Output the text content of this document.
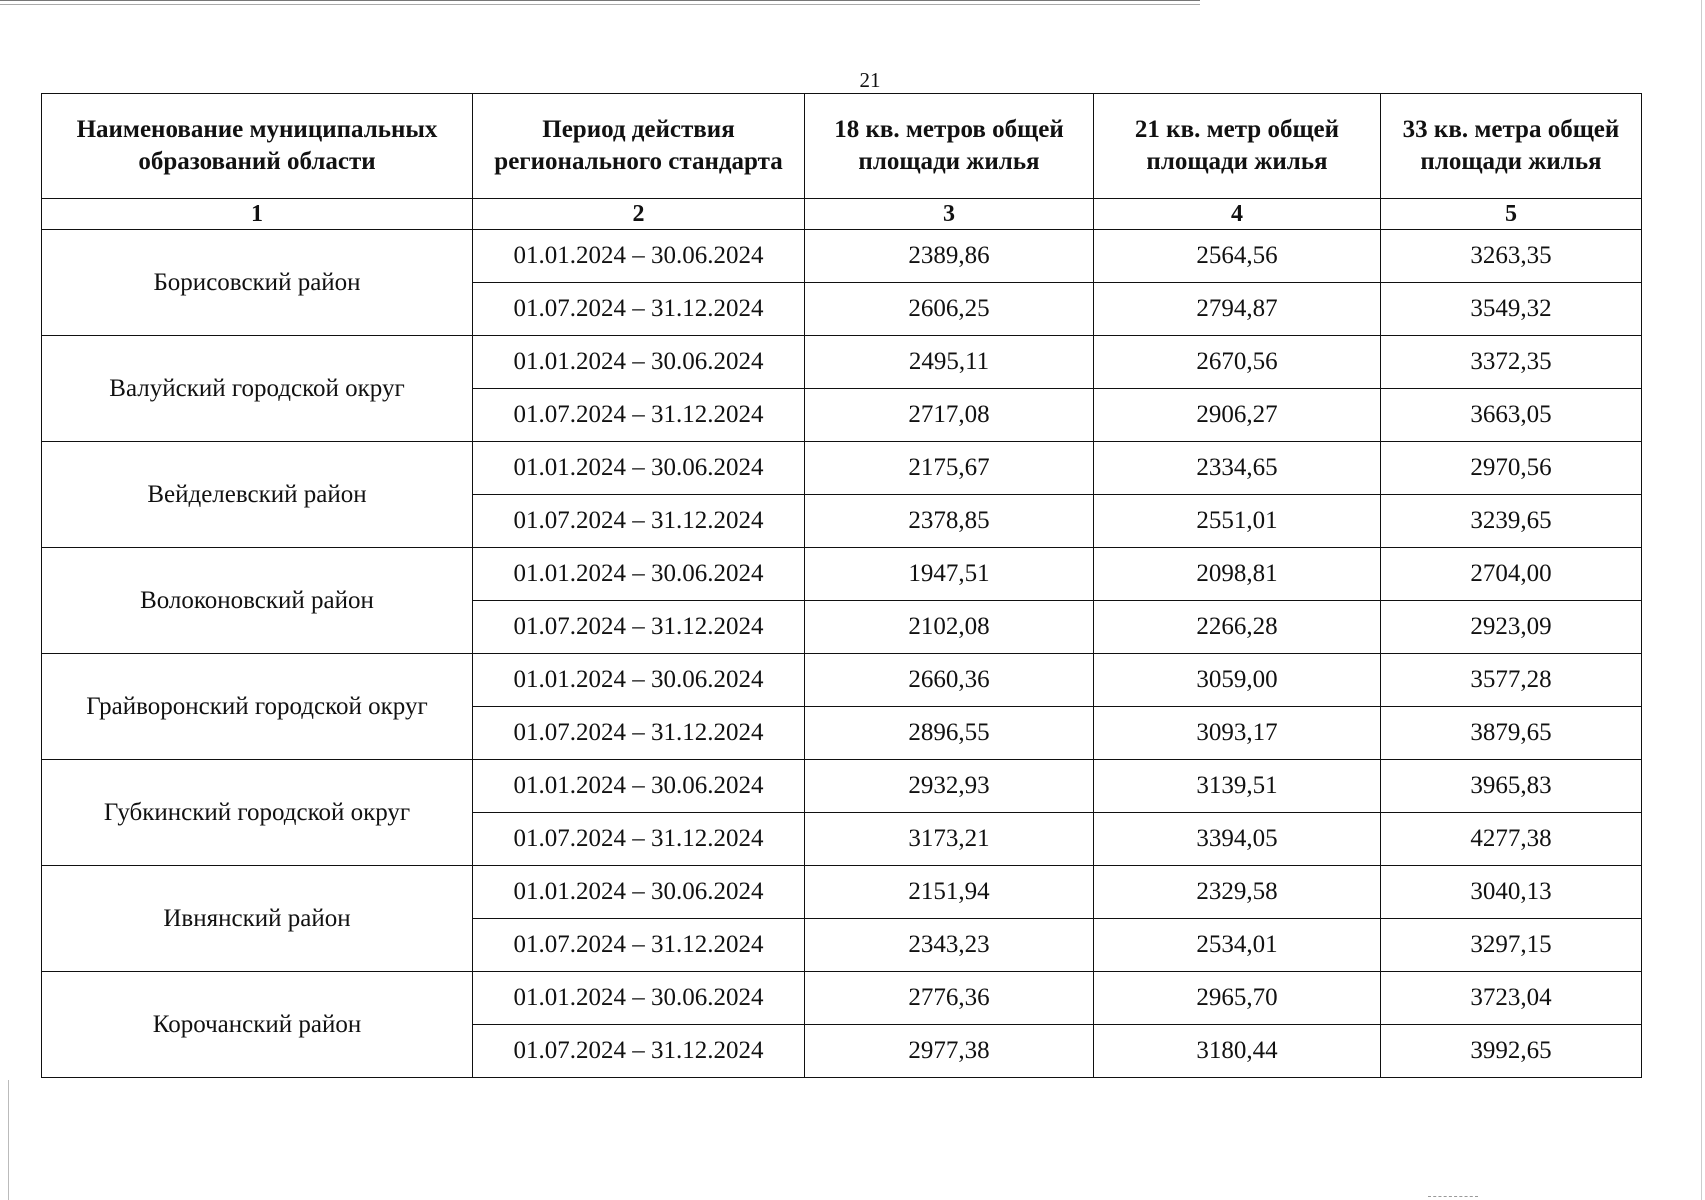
21
Наименование муниципальных образований области	Период действия регионального стандарта	18 кв. метров общей площади жилья	21 кв. метр общей площади жилья	33 кв. метра общей площади жилья
1	2	3	4	5
Борисовский район	01.01.2024 – 30.06.2024	2389,86	2564,56	3263,35
	01.07.2024 – 31.12.2024	2606,25	2794,87	3549,32
Валуйский городской округ	01.01.2024 – 30.06.2024	2495,11	2670,56	3372,35
	01.07.2024 – 31.12.2024	2717,08	2906,27	3663,05
Вейделевский район	01.01.2024 – 30.06.2024	2175,67	2334,65	2970,56
	01.07.2024 – 31.12.2024	2378,85	2551,01	3239,65
Волоконовский район	01.01.2024 – 30.06.2024	1947,51	2098,81	2704,00
	01.07.2024 – 31.12.2024	2102,08	2266,28	2923,09
Грайворонский городской округ	01.01.2024 – 30.06.2024	2660,36	3059,00	3577,28
	01.07.2024 – 31.12.2024	2896,55	3093,17	3879,65
Губкинский городской округ	01.01.2024 – 30.06.2024	2932,93	3139,51	3965,83
	01.07.2024 – 31.12.2024	3173,21	3394,05	4277,38
Ивнянский район	01.01.2024 – 30.06.2024	2151,94	2329,58	3040,13
	01.07.2024 – 31.12.2024	2343,23	2534,01	3297,15
Корочанский район	01.01.2024 – 30.06.2024	2776,36	2965,70	3723,04
	01.07.2024 – 31.12.2024	2977,38	3180,44	3992,65
